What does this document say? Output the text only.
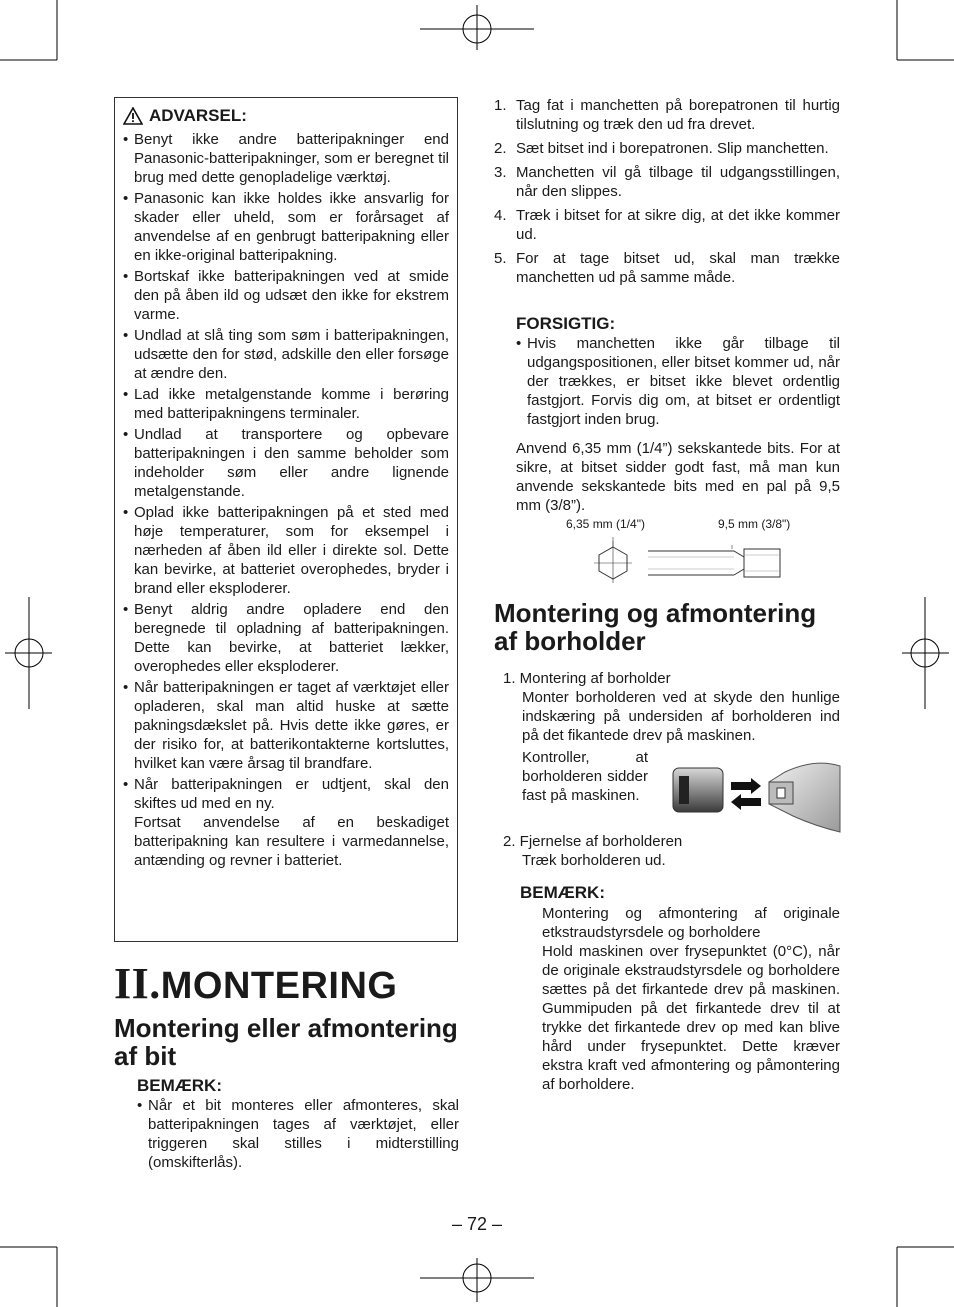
ADVARSEL:
• Benyt ikke andre batteripakninger end Panasonic-batteripakninger, som er beregnet til brug med dette genopladelige værktøj.
• Panasonic kan ikke holdes ikke ansvarlig for skader eller uheld, som er forårsaget af anvendelse af en genbrugt batteripakning eller en ikke-original batteripakning.
• Bortskaf ikke batteripakningen ved at smide den på åben ild og udsæt den ikke for ekstrem varme.
• Undlad at slå ting som søm i batteripakningen, udsætte den for stød, adskille den eller forsøge at ændre den.
• Lad ikke metalgenstande komme i berøring med batteripakningens terminaler.
• Undlad at transportere og opbevare batteripakningen i den samme beholder som indeholder søm eller andre lignende metalgenstande.
• Oplad ikke batteripakningen på et sted med høje temperaturer, som for eksempel i nærheden af åben ild eller i direkte sol. Dette kan bevirke, at batteriet overophedes, bryder i brand eller eksploderer.
• Benyt aldrig andre opladere end den beregnede til opladning af batteripakningen. Dette kan bevirke, at batteriet lækker, overophedes eller eksploderer.
• Når batteripakningen er taget af værktøjet eller opladeren, skal man altid huske at sætte pakningsdækslet på. Hvis dette ikke gøres, er der risiko for, at batterikontakterne kortsluttes, hvilket kan være årsag til brandfare.
• Når batteripakningen er udtjent, skal den skiftes ud med en ny.
Fortsat anvendelse af en beskadiget batteripakning kan resultere i varmedannelse, antænding og revner i batteriet.
II.MONTERING
Montering eller afmontering af bit
BEMÆRK:
• Når et bit monteres eller afmonteres, skal batteripakningen tages af værktøjet, eller triggeren skal stilles i midterstilling (omskifterlås).
1. Tag fat i manchetten på borepatronen til hurtig tilslutning og træk den ud fra drevet.
2. Sæt bitset ind i borepatronen. Slip manchetten.
3. Manchetten vil gå tilbage til udgangsstillingen, når den slippes.
4. Træk i bitset for at sikre dig, at det ikke kommer ud.
5. For at tage bitset ud, skal man trække manchetten ud på samme måde.
FORSIGTIG:
• Hvis manchetten ikke går tilbage til udgangspositionen, eller bitset kommer ud, når der trækkes, er bitset ikke blevet ordentlig fastgjort. Forvis dig om, at bitset er ordentligt fastgjort inden brug.
Anvend 6,35 mm (1/4”) sekskantede bits. For at sikre, at bitset sidder godt fast, må man kun anvende sekskantede bits med en pal på 9,5 mm (3/8”).
6,35 mm (1/4")	9,5 mm (3/8")
Montering og afmontering af borholder
1. Montering af borholder
Monter borholderen ved at skyde den hunlige indskæring på undersiden af borholderen ind på det fikantede drev på maskinen.
Kontroller, at borholderen sidder fast på maskinen.
2. Fjernelse af borholderen
Træk borholderen ud.
BEMÆRK:
Montering og afmontering af originale etkstraudstyrsdele og borholdere
Hold maskinen over frysepunktet (0°C), når de originale ekstraudstyrsdele og borholdere sættes på det firkantede drev på maskinen. Gummipuden på det firkantede drev til at trykke det firkantede drev op med kan blive hård under frysepunktet. Dette kræver ekstra kraft ved afmontering og påmontering af borholdere.
– 72 –
